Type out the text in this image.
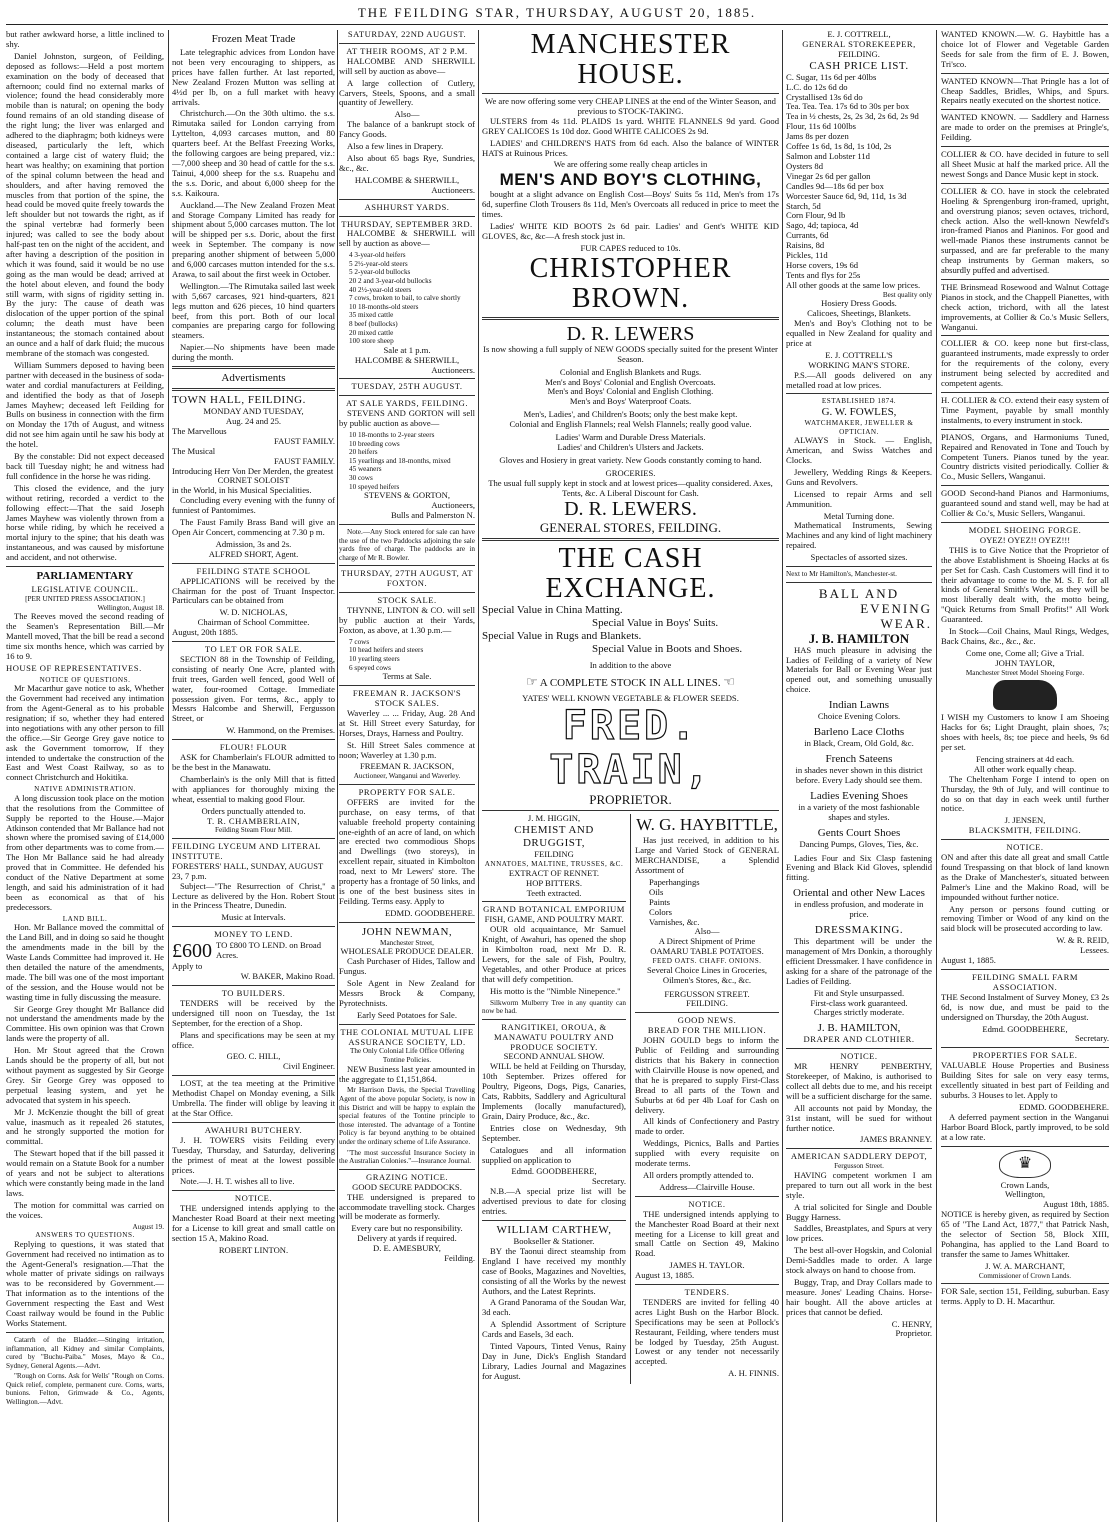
THE FEILDING STAR, THURSDAY, AUGUST 20, 1885.

but rather awkward horse, a little inclined to shy.

Daniel Johnston, surgeon, of Feilding, deposed as follows:—Held a post mortem examination on the body of deceased that afternoon; could find no external marks of violence; found the head considerably more mobile than is natural; on opening the body found remains of an old standing disease of the right lung; the liver was enlarged and adhered to the diaphragm; both kidneys were diseased, particularly the left, which contained a large cist of watery fluid; the heart was healthy; on examining that portion of the spinal column between the head and shoulders, and after having removed the muscles from that portion of the spine, the head could be moved quite freely towards the left shoulder but not towards the right, as if the spinal vertebræ had formerly been injured; was called to see the body about half-past ten on the night of the accident, and after having a description of the position in which it was found, said it would be no use going as the man would be dead; arrived at the hotel about eleven, and found the body still warm, with signs of rigidity setting in. By the jury: The cause of death was dislocation of the upper portion of the spinal column; the death must have been instantaneous; the stomach contained about an ounce and a half of dark fluid; the mucous membrane of the stomach was congested.

William Summers deposed to having been partner with deceased in the business of soda-water and cordial manufacturers at Feilding, and identified the body as that of Joseph James Mayhew; deceased left Feilding for Bulls on business in connection with the firm on Monday the 17th of August, and witness did not see him again until he saw his body at the hotel.

By the constable: Did not expect deceased back till Tuesday night; he and witness had full confidence in the horse he was riding.

This closed the evidence, and the jury without retiring, recorded a verdict to the following effect:—That the said Joseph James Mayhew was violently thrown from a horse while riding, by which he received a mortal injury to the spine; that his death was instantaneous, and was caused by misfortune and accident, and not otherwise.

PARLIAMENTARY
LEGISLATIVE COUNCIL.
[PER UNITED PRESS ASSOCIATION.]
Wellington, August 18.

The Reeves moved the second reading of the Seamen's Representation Bill.—Mr Mantell moved, That the bill be read a second time six months hence, which was carried by 16 to 9.

HOUSE OF REPRESENTATIVES.
NOTICE OF QUESTIONS.

Mr Macarthur gave notice to ask, Whether the Government had received any intimation from the Agent-General as to his probable resignation; if so, whether they had entered into negotiations with any other person to fill the office.—Sir George Grey gave notice to ask the Government tomorrow, If they intended to undertake the construction of the East and West Coast Railway, so as to connect Christchurch and Hokitika.

NATIVE ADMINISTRATION.

A long discussion took place on the motion that the resolutions from the Committee of Supply be reported to the House.—Major Atkinson contended that Mr Ballance had not shown where the promised saving of £14,000 from other departments was to come from.—The Hon Mr Ballance said he had already proved that in Committee. He defended his conduct of the Native Department at some length, and said his administration of it had been as economical as that of his predecessors.

LAND BILL.

Hon. Mr Ballance moved the committal of the Land Bill, and in doing so said he thought the amendments made in the bill by the Waste Lands Committee had improved it. He then detailed the nature of the amendments, made. The bill was one of the most important of the session, and the House would not be wasting time in fully discussing the measure.

Sir George Grey thought Mr Ballance did not understand the amendments made by the Committee. His own opinion was that Crown lands were the property of all.

Hon. Mr Stout agreed that the Crown Lands should be the property of all, but not without payment as suggested by Sir George Grey. Sir George Grey was opposed to perpetual leasing system, and yet he advocated that system in his speech.

Mr J. McKenzie thought the bill of great value, inasmuch as it repealed 26 statutes, and he strongly supported the motion for committal.

The Stewart hoped that if the bill passed it would remain on a Statute Book for a number of years and not be subject to alterations which were constantly being made in the land laws.

The motion for committal was carried on the voices.

August 19.
ANSWERS TO QUESTIONS.

Replying to questions, it was stated that Government had received no intimation as to the Agent-General's resignation.—That the whole matter of private sidings on railways was to be reconsidered by Government.—That information as to the intentions of the Government respecting the East and West Coast railway would be found in the Public Works Statement.

Catarrh of the Bladder.—Stinging irritation, inflammation, all Kidney and similar Complaints, cured by "Buchu-Paiba." Moses, Mayo & Co., Sydney, General Agents.—Advt.

"Rough on Corns. Ask for Wells' "Rough on Corns. Quick relief, complete, permanent cure. Corns, warts, bunions. Felton, Grimwade & Co., Agents, Wellington.—Advt.

Frozen Meat Trade

Late telegraphic advices from London have not been very encouraging to shippers, as prices have fallen further. At last reported, New Zealand Frozen Mutton was selling at 4½d per lb, on a full market with heavy arrivals.

Christchurch.—On the 30th ultimo. the s.s. Rimutaka sailed for London carrying from Lyttelton, 4,093 carcases mutton, and 80 quarters beef. At the Belfast Freezing Works, the following cargoes are being prepared, viz.:—7,000 sheep and 30 head of cattle for the s.s. Tainui, 4,000 sheep for the s.s. Ruapehu and the s.s. Doric, and about 6,000 sheep for the s.s. Kaikoura.

Auckland.—The New Zealand Frozen Meat and Storage Company Limited has ready for shipment about 5,000 carcases mutton. The lot will be shipped per s.s. Doric, about the first week in September. The company is now preparing another shipment of between 5,000 and 6,000 carcases mutton intended for the s.s. Arawa, to sail about the first week in October.

Wellington.—The Rimutaka sailed last week with 5,667 carcases, 921 hind-quarters, 821 legs mutton and 626 pieces, 10 hind quarters beef, from this port. Both of our local companies are preparing cargo for following steamers.

Napier.—No shipments have been made during the month.

Advertisments
TOWN HALL, FEILDING.
MONDAY AND TUESDAY,
Aug. 24 and 25.
The Marvellous
FAUST FAMILY.
The Musical
FAUST FAMILY.
Introducing Herr Von Der Merden, the greatest
CORNET SOLOIST
in the World, in his Musical Specialities.

Concluding every evening with the funny of funniest of Pantomimes.

The Faust Family Brass Band will give an Open Air Concert, commencing at 7.30 p m.

Admission, 3s and 2s.
ALFRED SHORT, Agent.
FEILDING STATE SCHOOL

APPLICATIONS will be received by the Chairman for the post of Truant Inspector. Particulars can be obtained from

W. D. NICHOLAS,
Chairman of School Committee.
August, 20th 1885.
TO LET OR FOR SALE.

SECTION 88 in the Township of Feilding, consisting of nearly One Acre, planted with fruit trees, Garden well fenced, good Well of water, four-roomed Cottage. Immediate possession given. For terms, &c., apply to Messrs Halcombe and Sherwill, Fergusson Street, or

W. Hammond, on the Premises.
FLOUR! FLOUR

ASK for Chamberlain's FLOUR admitted to be the best in the Manawatu.

Chamberlain's is the only Mill that is fitted with appliances for thoroughly mixing the wheat, essential to making good Flour.

Orders punctually attended to.
T. R. CHAMBERLAIN,
Feilding Steam Flour Mill.
FEILDING LYCEUM AND LITERAL INSTITUTE.
FORESTERS' HALL, SUNDAY, AUGUST 23, 7 p.m.

Subject—"The Resurrection of Christ," a Lecture as delivered by the Hon. Robert Stout in the Princess Theatre, Dunedin.

Music at Intervals.
MONEY TO LEND.
£600 TO £800 TO LEND. on Broad Acres.
Apply to
W. BAKER, Makino Road.
TO BUILDERS.

TENDERS will be received by the undersigned till noon on Tuesday, the 1st September, for the erection of a Shop.

Plans and specifications may be seen at my office.

GEO. C. HILL,
Civil Engineer.

LOST, at the tea meeting at the Primitive Methodist Chapel on Monday evening, a Silk Umbrella. The finder will oblige by leaving it at the Star Office.

AWAHURI BUTCHERY.

J. H. TOWERS visits Feilding every Tuesday, Thursday, and Saturday, delivering the primest of meat at the lowest possible prices.

Note.—J. H. T. wishes all to live.

NOTICE.

THE undersigned intends applying to the Manchester Road Board at their next meeting for a License to kill great and small cattle on section 15 A, Makino Road.

ROBERT LINTON.
SATURDAY, 22ND AUGUST.
AT THEIR ROOMS, AT 2 P.M.

HALCOMBE AND SHERWILL will sell by auction as above—

A large collection of Cutlery, Carvers, Steels, Spoons, and a small quantity of Jewellery.

Also—

The balance of a bankrupt stock of Fancy Goods.

Also a few lines in Drapery.

Also about 65 bags Rye, Sundries, &c., &c.

HALCOMBE & SHERWILL,
Auctioneers.
ASHHURST YARDS.
THURSDAY, SEPTEMBER 3RD.

HALCOMBE & SHERWILL will sell by auction as above—

4 3-year-old heifers
5 2½-year-old steers
5 2-year-old bullocks
20 2 and 3-year-old bullocks
40 2½-year-old steers
7 cows, broken to bail, to calve shortly
10 18-months-old steers
35 mixed cattle
8 beef (bullocks)
20 mixed cattle
100 store sheep
Sale at 1 p.m.
HALCOMBE & SHERWILL,
Auctioneers.
TUESDAY, 25TH AUGUST.
AT SALE YARDS, FEILDING.

STEVENS AND GORTON will sell by public auction as above—

10 18-months to 2-year steers
10 breeding cows
20 heifers
15 yearlings and 18-months, mixed
45 weaners
30 cows
10 speyed heifers
STEVENS & GORTON,
Auctioneers,
Bulls and Palmerston N.

Note.—Any Stock entered for sale can have the use of the two Paddocks adjoining the sale yards free of charge. The paddocks are in charge of Mr R. Bowler.

THURSDAY, 27TH AUGUST, AT FOXTON.
STOCK SALE.

THYNNE, LINTON & CO. will sell by public auction at their Yards, Foxton, as above, at 1.30 p.m.—

7 cows
10 head heifers and steers
10 yearling steers
6 speyed cows
Terms at Sale.
FREEMAN R. JACKSON'S STOCK SALES.

Waverley ... ... Friday, Aug. 28 And at St. Hill Street every Saturday, for Horses, Drays, Harness and Poultry.

St. Hill Street Sales commence at noon; Waverley at 1.30 p.m.

FREEMAN R. JACKSON,
Auctioneer, Wanganui and Waverley.
PROPERTY FOR SALE.

OFFERS are invited for the purchase, on easy terms, of that valuable freehold property containing one-eighth of an acre of land, on which are erected two commodious Shops and Dwellings (two storeys), in excellent repair, situated in Kimbolton road, next to Mr Lewers' store. The property has a frontage of 50 links, and is one of the best business sites in Feilding. Terms easy. Apply to

EDMD. GOODBEHERE.
JOHN NEWMAN,
Manchester Street,
WHOLESALE PRODUCE DEALER.

Cash Purchaser of Hides, Tallow and Fungus.

Sole Agent in New Zealand for Messrs Brock & Company, Pyrotechnists.

Early Seed Potatoes for Sale.
THE COLONIAL MUTUAL LIFE ASSURANCE SOCIETY, LD.
The Only Colonial Life Office Offering Tontine Policies.

NEW Business last year amounted in the aggregate to £1,151,864.

Mr Harrison Davis, the Special Travelling Agent of the above popular Society, is now in this District and will be happy to explain the special features of the Tontine principle to those interested. The advantage of a Tontine Policy is far beyond anything to be obtained under the ordinary scheme of Life Assurance.

"The most successful Insurance Society in the Australian Colonies."—Insurance Journal.

GRAZING NOTICE.
GOOD SECURE PADDOCKS.

THE undersigned is prepared to accommodate travelling stock. Charges will be moderate as formerly.

Every care but no responsibility.
Delivery at yards if required.
D. E. AMESBURY,
Feilding.
MANCHESTER HOUSE.
We are now offering some very CHEAP LINES at the end of the Winter Season, and previous to STOCK-TAKING.

ULSTERS from 4s 11d. PLAIDS 1s yard. WHITE FLANNELS 9d yard. Good GREY CALICOES 1s 10d doz. Good WHITE CALICOES 2s 9d.

LADIES' and CHILDREN'S HATS from 6d each. Also the balance of WINTER HATS at Ruinous Prices.

We are offering some really cheap articles in
MEN'S AND BOY'S CLOTHING,

bought at a slight advance on English Cost—Boys' Suits 5s 11d, Men's from 17s 6d, superfine Cloth Trousers 8s 11d, Men's Overcoats all reduced in price to meet the times.

Ladies' WHITE KID BOOTS 2s 6d pair. Ladies' and Gent's WHITE KID GLOVES, &c, &c—A fresh stock just in.

FUR CAPES reduced to 10s.
CHRISTOPHER BROWN.
D. R. LEWERS
Is now showing a full supply of NEW GOODS specially suited for the present Winter Season.
Colonial and English Blankets and Rugs.
Men's and Boys' Colonial and English Overcoats.
Men's and Boys' Colonial and English Clothing.
Men's and Boys' Waterproof Coats.
Men's, Ladies', and Children's Boots; only the best make kept.
Colonial and English Flannels; real Welsh Flannels; really good value.
Ladies' Warm and Durable Dress Materials.
Ladies' and Children's Ulsters and Jackets.
Gloves and Hosiery in great variety. New Goods constantly coming to hand.
GROCERIES.
The usual full supply kept in stock and at lowest prices—quality considered. Axes, Tents, &c. A Liberal Discount for Cash.
D. R. LEWERS.
GENERAL STORES, FEILDING.
THE CASH EXCHANGE.
Special Value in China Matting.
Special Value in Boys' Suits.
Special Value in Rugs and Blankets.
Special Value in Boots and Shoes.
In addition to the above
☞ A COMPLETE STOCK IN ALL LINES. ☜
YATES' WELL KNOWN VEGETABLE & FLOWER SEEDS.
FRED. TRAIN,
PROPRIETOR.
J. M. HIGGIN,
CHEMIST AND DRUGGIST,
FEILDING
ANNATOES, MALTINE, TRUSSES, &C.
EXTRACT OF RENNET.
HOP BITTERS.
Teeth extracted.
GRAND BOTANICAL EMPORIUM
FISH, GAME, AND POULTRY MART.

OUR old acquaintance, Mr Samuel Knight, of Awahuri, has opened the shop in Kimbolton road, next Mr D. R. Lewers, for the sale of Fish, Poultry, Vegetables, and other Produce at prices that will defy competition.

His motto is the "Nimble Ninepence."

Silkworm Mulberry Tree in any quantity can now be had.

RANGITIKEI, OROUA, & MANAWATU POULTRY AND PRODUCE SOCIETY.
SECOND ANNUAL SHOW.

WILL be held at Feilding on Thursday, 10th September. Prizes offered for Poultry, Pigeons, Dogs, Pigs, Canaries, Cats, Rabbits, Saddlery and Agricultural Implements (locally manufactured), Grain, Dairy Produce, &c., &c.

Entries close on Wednesday, 9th September.

Catalogues and all information supplied on application to

Edmd. GOODBEHERE,
Secretary.

N.B.—A special prize list will be advertised previous to date for closing entries.

WILLIAM CARTHEW,
Bookseller & Stationer.

BY the Taonui direct steamship from England I have received my monthly case of Books, Magazines and Novelties, consisting of all the Works by the newest Authors, and the Latest Reprints.

A Grand Panorama of the Soudan War, 3d each.

A Splendid Assortment of Scripture Cards and Easels, 3d each.

Tinted Vapours, Tinted Venus, Rainy Day in June, Dick's English Standard Library, Ladies Journal and Magazines for August.

W. G. HAYBITTLE,

Has just received, in addition to his Large and Varied Stock of GENERAL MERCHANDISE, a Splendid Assortment of

Paperhangings
Oils
Paints
Colors
Varnishes, &c.
Also—
A Direct Shipment of Prime
OAMARU TABLE POTATOES.
FEED OATS. CHAFF. ONIONS.
Several Choice Lines in Groceries, Oilmen's Stores, &c., &c.
FERGUSSON STREET.
FEILDING.
GOOD NEWS.
BREAD FOR THE MILLION.

JOHN GOULD begs to inform the Public of Feilding and surrounding districts that his Bakery in connection with Clairville House is now opened, and that he is prepared to supply First-Class Bread to all parts of the Town and Suburbs at 6d per 4lb Loaf for Cash on delivery.

All kinds of Confectionery and Pastry made to order.

Weddings, Picnics, Balls and Parties supplied with every requisite on moderate terms.

All orders promptly attended to.

Address—Clairville House.
NOTICE.

THE undersigned intends applying to the Manchester Road Board at their next meeting for a License to kill great and small Cattle on Section 49, Makino Road.

JAMES H. TAYLOR.
August 13, 1885.
TENDERS.

TENDERS are invited for felling 40 acres Light Bush on the Harbor Block. Specifications may be seen at Pollock's Restaurant, Feilding, where tenders must be lodged by Tuesday, 25th August. Lowest or any tender not necessarily accepted.

A. H. FINNIS.
E. J. COTTRELL,
GENERAL STOREKEEPER,
FEILDING.
CASH PRICE LIST.
C. Sugar, 11s 6d per 40lbs
L.C. do 12s 6d do
Crystallised 13s 6d do
Tea. Tea. Tea. 17s 6d to 30s per box
Tea in ½ chests, 2s, 2s 3d, 2s 6d, 2s 9d
Flour, 11s 6d 100lbs
Jams 8s per dozen
Coffee 1s 6d, 1s 8d, 1s 10d, 2s
Salmon and Lobster 11d
Oysters 8d
Vinegar 2s 6d per gallon
Candles 9d—18s 6d per box
Worcester Sauce 6d, 9d, 11d, 1s 3d
Starch, 5d
Corn Flour, 9d lb
Sago, 4d; tapioca, 4d
Currants, 6d
Raisins, 8d
Pickles, 11d
Horse covers, 19s 6d
Tents and flys for 25s
All other goods at the same low prices.
Best quality only
Hosiery Dress Goods.
Calicoes, Sheetings, Blankets.

Men's and Boy's Clothing not to be equalled in New Zealand for quality and price at

E. J. COTTRELL'S
WORKING MAN'S STORE.

P.S.—All goods delivered on any metalled road at low prices.

ESTABLISHED 1874.
G. W. FOWLES,
WATCHMAKER, JEWELLER & OPTICIAN.

ALWAYS in Stock. — English, American, and Swiss Watches and Clocks.

Jewellery, Wedding Rings & Keepers. Guns and Revolvers.

Licensed to repair Arms and sell Ammunition.

Metal Turning done.

Mathematical Instruments, Sewing Machines and any kind of light machinery repaired.

Spectacles of assorted sizes.
Next to Mr Hamilton's, Manchester-st.
BALL AND
EVENING
WEAR.
J. B. HAMILTON

HAS much pleasure in advising the Ladies of Feilding of a variety of New Materials for Ball or Evening Wear just opened out, and something unusually choice.

Indian Lawns
Choice Evening Colors.
Barleno Lace Cloths
in Black, Cream, Old Gold, &c.
French Sateens
in shades never shown in this district before. Every Lady should see them.
Ladies Evening Shoes
in a variety of the most fashionable shapes and styles.
Gents Court Shoes
Dancing Pumps, Gloves, Ties, &c.

Ladies Four and Six Clasp fastening Evening and Black Kid Gloves, splendid fitting.

Oriental and other New Laces
in endless profusion, and moderate in price.
DRESSMAKING.

This department will be under the management of Mrs Donkin, a thoroughly efficient Dressmaker. I have confidence in asking for a share of the patronage of the Ladies of Feilding.

Fit and Style unsurpassed.
First-class work guaranteed.
Charges strictly moderate.
J. B. HAMILTON,
DRAPER AND CLOTHIER.
NOTICE.

MR HENRY PENBERTHY, Storekeeper, of Makino, is authorised to collect all debts due to me, and his receipt will be a sufficient discharge for the same.

All accounts not paid by Monday, the 31st instant, will be sued for without further notice.

JAMES BRANNEY.
AMERICAN SADDLERY DEPOT,
Fergusson Street.

HAVING competent workmen I am prepared to turn out all work in the best style.

A trial solicited for Single and Double Buggy Harness.

Saddles, Breastplates, and Spurs at very low prices.

The best all-over Hogskin, and Colonial Demi-Saddles made to order. A large stock always on hand to choose from.

Buggy, Trap, and Dray Collars made to measure. Jones' Leading Chains. Horse-hair bought. All the above articles at prices that cannot be defied.

C. HENRY,
Proprietor.

WANTED KNOWN.—W. G. Haybittle has a choice lot of Flower and Vegetable Garden Seeds for sale from the firm of E. J. Bowen, Tri'sco.

WANTED KNOWN—That Pringle has a lot of Cheap Saddles, Bridles, Whips, and Spurs. Repairs neatly executed on the shortest notice.

WANTED KNOWN. — Saddlery and Harness are made to order on the premises at Pringle's, Feilding.

COLLIER & CO. have decided in future to sell all Sheet Music at half the marked price. All the newest Songs and Dance Music kept in stock.

COLLIER & CO. have in stock the celebrated Hoeling & Sprengenburg iron-framed, upright, and overstrung pianos; seven octaves, trichord, check action. Also the well-known Newfeld's iron-framed Pianos and Pianinos. For good and well-made Pianos these instruments cannot be surpassed, and are far preferable to the many cheap instruments by German makers, so absurdly puffed and advertised.

THE Brinsmead Rosewood and Walnut Cottage Pianos in stock, and the Chappell Pianettes, with check action, trichord, with all the latest improvements, at Collier & Co.'s Music Sellers, Wanganui.

COLLIER & CO. keep none but first-class, guaranteed instruments, made expressly to order for the requirements of the colony, every instrument being selected by accredited and competent agents.

H. COLLIER & CO. extend their easy system of Time Payment, payable by small monthly instalments, to every instrument in stock.

PIANOS, Organs, and Harmoniums Tuned, Repaired and Renovated in Tone and Touch by Competent Tuners. Pianos tuned by the year. Country districts visited periodically. Collier & Co., Music Sellers, Wanganui.

GOOD Second-hand Pianos and Harmoniums, guaranteed sound and stand well, may be had at Collier & Co.'s, Music Sellers, Wanganui.

MODEL SHOEING FORGE.
OYEZ! OYEZ!! OYEZ!!!

THIS is to Give Notice that the Proprietor of the above Establishment is Shoeing Hacks at 6s per Set for Cash. Cash Customers will find it to their advantage to come to the M. S. F. for all kinds of General Smith's Work, as they will be most liberally dealt with, the motto being, "Quick Returns from Small Profits!" All Work Guaranteed.

In Stock—Coil Chains, Maul Rings, Wedges, Back Chains, &c., &c., &c.

Come one, Come all; Give a Trial.
JOHN TAYLOR,
Manchester Street Model Shoeing Forge.

I WISH my Customers to know I am Shoeing Hacks for 6s; Light Draught, plain shoes, 7s; shoes with heels, 8s; toe piece and heels, 9s 6d per set.

Fencing strainers at 4d each.
All other work equally cheap.

The Cheltenham Forge I intend to open on Thursday, the 9th of July, and will continue to do so on that day in each week until further notice.

J. JENSEN,
BLACKSMITH, FEILDING.
NOTICE.

ON and after this date all great and small Cattle found Trespassing on that block of land known as the Drake of Manchester's, situated between Palmer's Line and the Makino Road, will be impounded without further notice.

Any person or persons found cutting or removing Timber or Wood of any kind on the said block will be prosecuted according to law.

W. & R. REID,
Lessees.
August 1, 1885.
FEILDING SMALL FARM ASSOCIATION.

THE Second Instalment of Survey Money, £3 2s 6d, is now due, and must be paid to the undersigned on Thursday, the 20th August.

Edmd. GOODBEHERE,
Secretary.
PROPERTIES FOR SALE.

VALUABLE House Properties and Business Building Sites for sale on very easy terms, excellently situated in best part of Feilding and suburbs. 3 Houses to let. Apply to

EDMD. GOODBEHERE.

A deferred payment section in the Wanganui Harbor Board Block, partly improved, to be sold at a low rate.

♛
Crown Lands,
Wellington,
August 18th, 1885.

NOTICE is hereby given, as required by Section 65 of "The Land Act, 1877," that Patrick Nash, the selector of Section 58, Block XIII, Pohangina, has applied to the Land Board to transfer the same to James Whittaker.

J. W. A. MARCHANT,
Commissioner of Crown Lands.

FOR Sale, section 151, Feilding, suburban. Easy terms. Apply to D. H. Macarthur.
